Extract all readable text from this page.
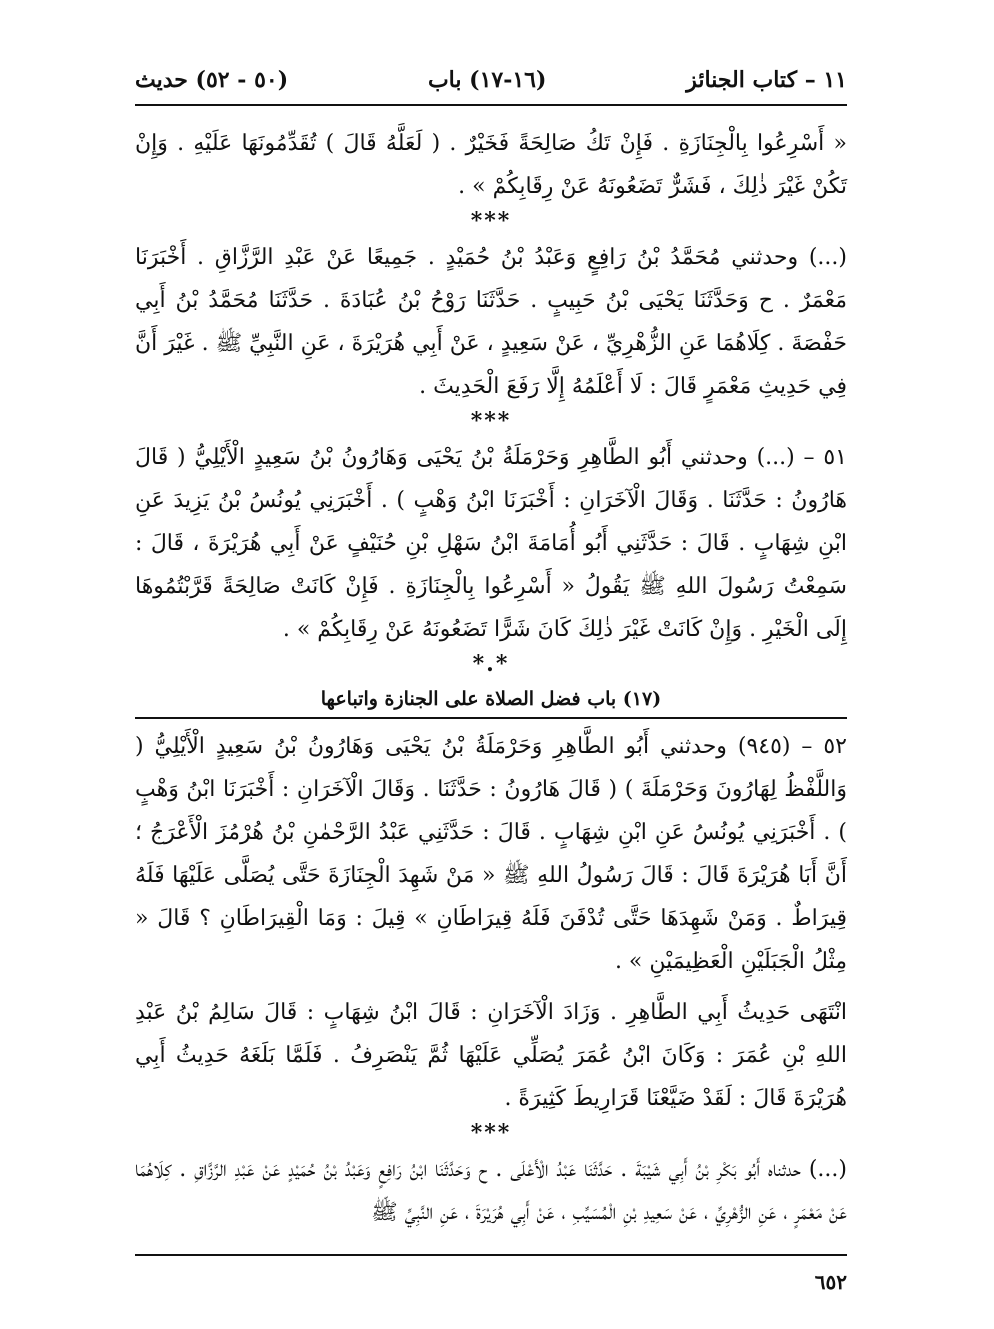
١١ – كتاب الجنائز
(١٦-١٧) باب
(٥٠ - ٥٢) حديث

« أَسْرِعُوا بِالْجِنَازَةِ . فَإِنْ تَكُ صَالِحَةً فَخَيْرٌ . ( لَعَلَّهُ قَالَ ) تُقَدِّمُونَهَا عَلَيْهِ . وَإِنْ تَكُنْ غَيْرَ ذٰلِكَ ، فَشَرٌّ تَضَعُونَهُ عَنْ رِقَابِكُمْ » .

***

(...) وحدثني مُحَمَّدُ بْنُ رَافِعٍ وَعَبْدُ بْنُ حُمَيْدٍ . جَمِيعًا عَنْ عَبْدِ الرَّزَّاقِ . أَخْبَرَنَا مَعْمَرٌ . ح وَحَدَّثَنَا يَحْيَى بْنُ حَبِيبٍ . حَدَّثَنَا رَوْحُ بْنُ عُبَادَةَ . حَدَّثَنَا مُحَمَّدُ بْنُ أَبِي حَفْصَةَ . كِلَاهُمَا عَنِ الزُّهْرِيِّ ، عَنْ سَعِيدٍ ، عَنْ أَبِي هُرَيْرَةَ ، عَنِ النَّبِيِّ ﷺ . غَيْرَ أَنَّ فِي حَدِيثِ مَعْمَرٍ قَالَ : لَا أَعْلَمُهُ إِلَّا رَفَعَ الْحَدِيثَ .

***

٥١ – (...) وحدثني أَبُو الطَّاهِرِ وَحَرْمَلَةُ بْنُ يَحْيَى وَهَارُونُ بْنُ سَعِيدٍ الْأَيْلِيُّ ( قَالَ هَارُونُ : حَدَّثَنَا . وَقَالَ الْآخَرَانِ : أَخْبَرَنَا ابْنُ وَهْبٍ ) . أَخْبَرَنِي يُونُسُ بْنُ يَزِيدَ عَنِ ابْنِ شِهَابٍ . قَالَ : حَدَّثَنِي أَبُو أُمَامَةَ ابْنُ سَهْلِ بْنِ حُنَيْفٍ عَنْ أَبِي هُرَيْرَةَ ، قَالَ : سَمِعْتُ رَسُولَ اللهِ ﷺ يَقُولُ « أَسْرِعُوا بِالْجِنَازَةِ . فَإِنْ كَانَتْ صَالِحَةً قَرَّبْتُمُوهَا إِلَى الْخَيْرِ . وَإِنْ كَانَتْ غَيْرَ ذٰلِكَ كَانَ شَرًّا تَضَعُونَهُ عَنْ رِقَابِكُمْ » .

*.*
(١٧) باب فضل الصلاة على الجنازة واتباعها

٥٢ – (٩٤٥) وحدثني أَبُو الطَّاهِرِ وَحَرْمَلَةُ بْنُ يَحْيَى وَهَارُونُ بْنُ سَعِيدٍ الْأَيْلِيُّ ( وَاللَّفْظُ لِهَارُونَ وَحَرْمَلَةَ ) ( قَالَ هَارُونُ : حَدَّثَنَا . وَقَالَ الْآخَرَانِ : أَخْبَرَنَا ابْنُ وَهْبٍ ) . أَخْبَرَنِي يُونُسُ عَنِ ابْنِ شِهَابٍ . قَالَ : حَدَّثَنِي عَبْدُ الرَّحْمٰنِ بْنُ هُرْمُزَ الْأَعْرَجُ ؛ أَنَّ أَبَا هُرَيْرَةَ قَالَ : قَالَ رَسُولُ اللهِ ﷺ « مَنْ شَهِدَ الْجِنَازَةَ حَتَّى يُصَلَّى عَلَيْهَا فَلَهُ قِيرَاطٌ . وَمَنْ شَهِدَهَا حَتَّى تُدْفَنَ فَلَهُ قِيرَاطَانِ » قِيلَ : وَمَا الْقِيرَاطَانِ ؟ قَالَ « مِثْلُ الْجَبَلَيْنِ الْعَظِيمَيْنِ » .

انْتَهَى حَدِيثُ أَبِي الطَّاهِرِ . وَزَادَ الْآخَرَانِ : قَالَ ابْنُ شِهَابٍ : قَالَ سَالِمُ بْنُ عَبْدِ اللهِ بْنِ عُمَرَ : وَكَانَ ابْنُ عُمَرَ يُصَلِّي عَلَيْهَا ثُمَّ يَنْصَرِفُ . فَلَمَّا بَلَغَهُ حَدِيثُ أَبِي هُرَيْرَةَ قَالَ : لَقَدْ ضَيَّعْنَا قَرَارِيطَ كَثِيرَةً .

***

(...) حدثناه أَبُو بَكْرِ بْنُ أَبِي شَيْبَةَ . حَدَّثَنَا عَبْدُ الْأَعْلَى . ح وَحَدَّثَنَا ابْنُ رَافِعٍ وَعَبْدُ بْنُ حُمَيْدٍ عَنْ عَبْدِ الرَّزَّاقِ . كِلَاهُمَا عَنْ مَعْمَرٍ ، عَنِ الزُّهْرِيِّ ، عَنْ سَعِيدِ بْنِ الْمُسَيِّبِ ، عَنْ أَبِي هُرَيْرَةَ ، عَنِ النَّبِيِّ ﷺ

٦٥٢
